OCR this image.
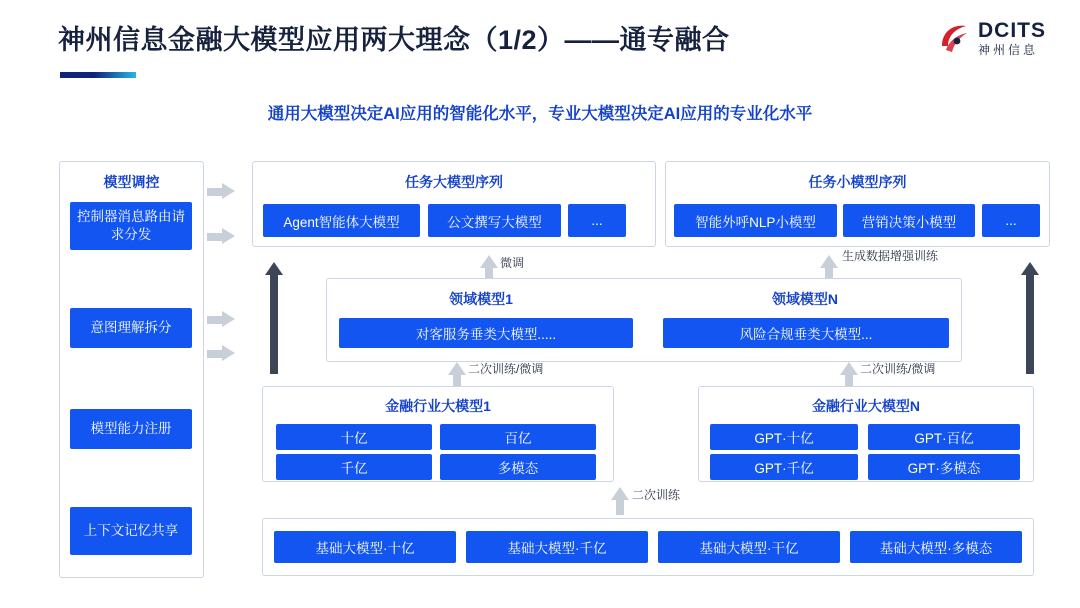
神州信息金融大模型应用两大理念（1/2）——通专融合	DCITS
神州信息
通用大模型决定AI应用的智能化水平，专业大模型决定AI应用的专业化水平
模型调控
控制器消息路由请求分发
意图理解拆分
模型能力注册
上下文记忆共享
任务大模型序列
Agent智能体大模型	公文撰写大模型	...
任务小模型序列
智能外呼NLP小模型	营销决策小模型	...
微调	生成数据增强训练
领域模型1	领域模型N
对客服务垂类大模型.....	风险合规垂类大模型...
二次训练/微调	二次训练/微调
金融行业大模型1
十亿	百亿
千亿	多模态
金融行业大模型N
GPT·十亿	GPT·百亿
GPT·千亿	GPT·多模态
二次训练
基础大模型·十亿	基础大模型·千亿	基础大模型·干亿	基础大模型·多模态
